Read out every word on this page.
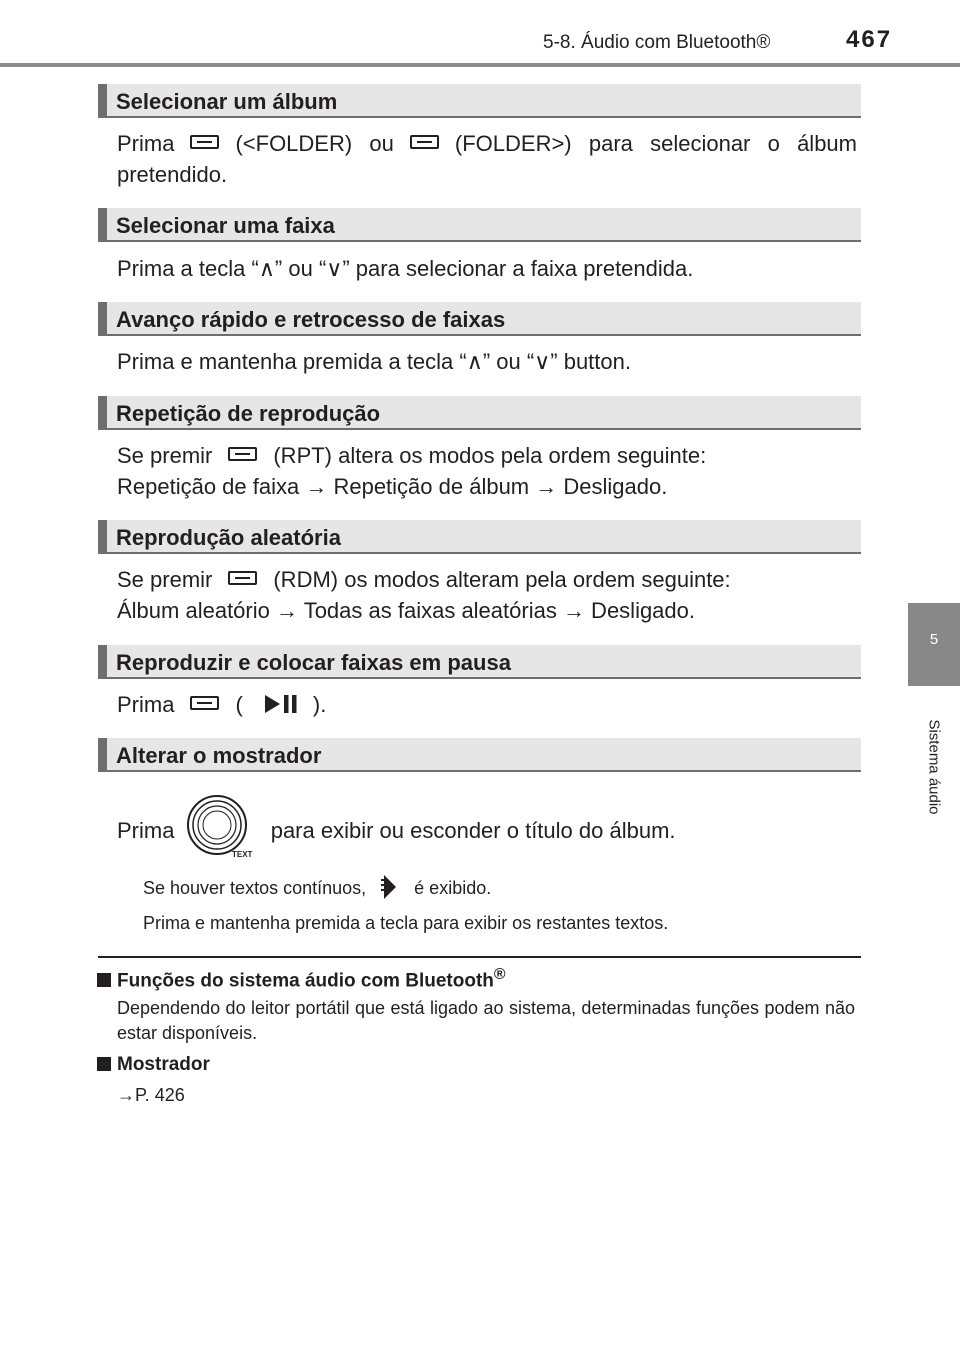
5-8. Áudio com Bluetooth®	467
5
Sistema áudio
Selecionar um álbum
Prima	(<FOLDER) ou	(FOLDER>) para selecionar o álbum
pretendido.
Selecionar uma faixa
Prima a tecla “∧” ou “∨” para selecionar a faixa pretendida.
Avanço rápido e retrocesso de faixas
Prima e mantenha premida a tecla “∧” ou “∨” button.
Repetição de reprodução
Se premir	(RPT) altera os modos pela ordem seguinte:
Repetição de faixa → Repetição de álbum → Desligado.
Reprodução aleatória
Se premir	(RDM) os modos alteram pela ordem seguinte:
Álbum aleatório → Todas as faixas aleatórias → Desligado.
Reproduzir e colocar faixas em pausa
Prima	(	).
Alterar o mostrador
Prima	para exibir ou esconder o título do álbum.
TEXT
Se houver textos contínuos,	é exibido.
Prima e mantenha premida a tecla para exibir os restantes textos.
Funções do sistema áudio com Bluetooth®
Dependendo do leitor portátil que está ligado ao sistema, determinadas funções podem não estar disponíveis.
Mostrador
→P. 426
